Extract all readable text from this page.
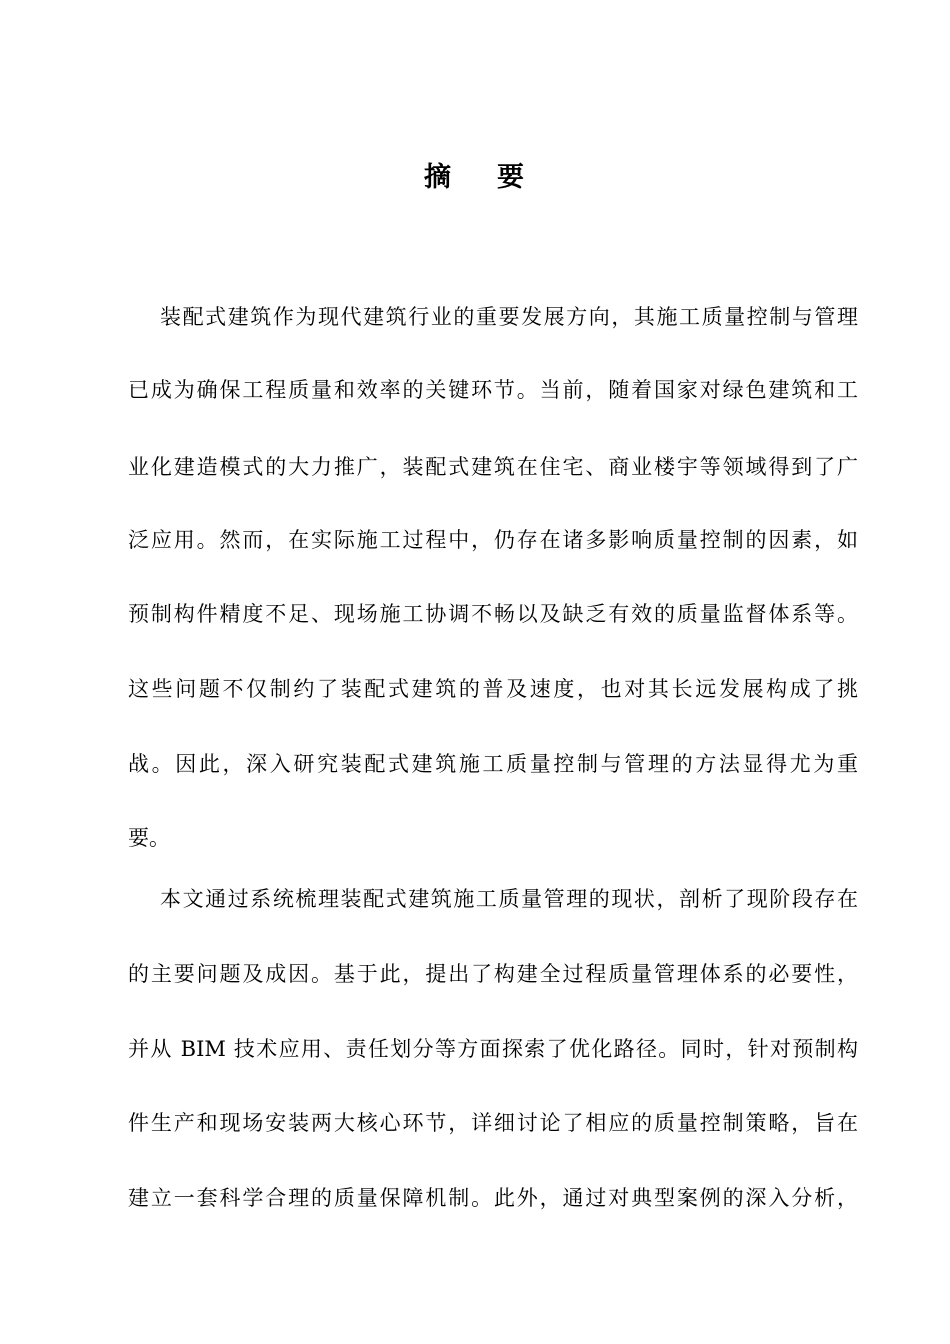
摘 要
装配式建筑作为现代建筑行业的重要发展方向，其施工质量控制与管理
已成为确保工程质量和效率的关键环节。当前，随着国家对绿色建筑和工
业化建造模式的大力推广，装配式建筑在住宅、商业楼宇等领域得到了广
泛应用。然而，在实际施工过程中，仍存在诸多影响质量控制的因素，如
预制构件精度不足、现场施工协调不畅以及缺乏有效的质量监督体系等。
这些问题不仅制约了装配式建筑的普及速度，也对其长远发展构成了挑
战。因此，深入研究装配式建筑施工质量控制与管理的方法显得尤为重
要。
本文通过系统梳理装配式建筑施工质量管理的现状，剖析了现阶段存在
的主要问题及成因。基于此，提出了构建全过程质量管理体系的必要性，
并从 BIM 技术应用、责任划分等方面探索了优化路径。同时，针对预制构
件生产和现场安装两大核心环节，详细讨论了相应的质量控制策略，旨在
建立一套科学合理的质量保障机制。此外，通过对典型案例的深入分析，
